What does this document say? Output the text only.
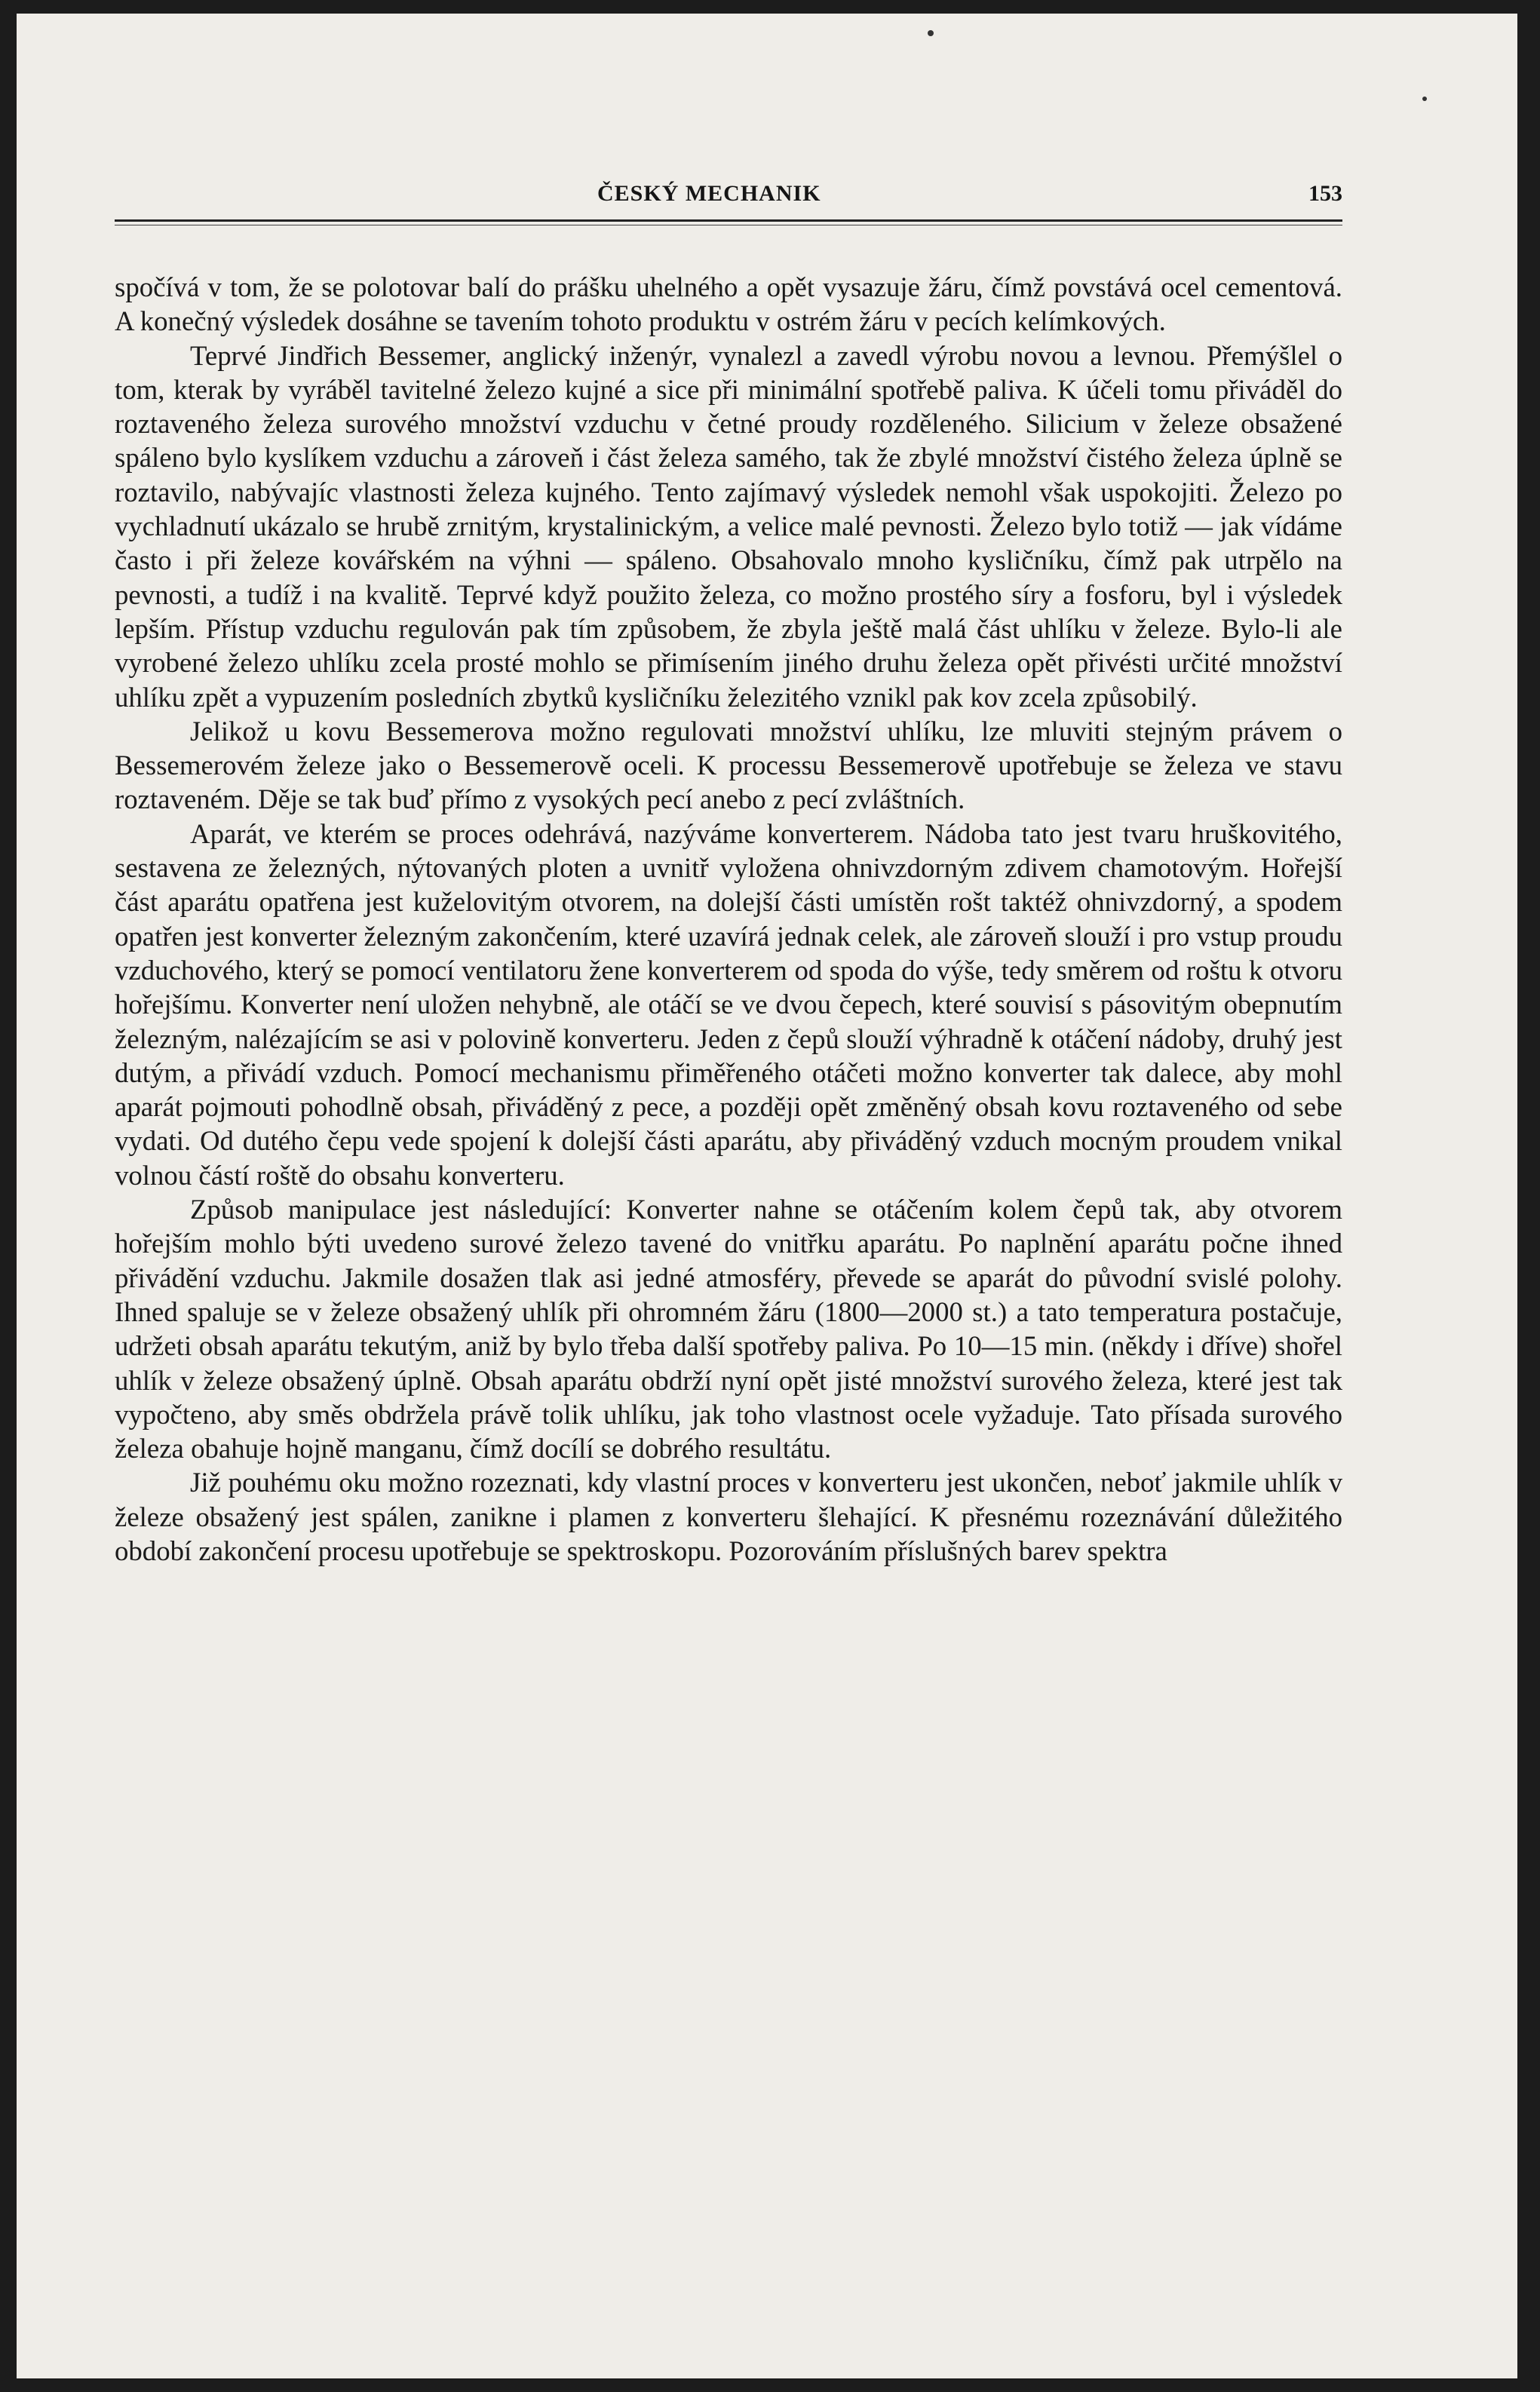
ČESKÝ MECHANIK	153

spočívá v tom, že se polotovar balí do prášku uhelného a opět vysazuje žáru, čímž povstává ocel cementová. A konečný výsledek dosáhne se tavením tohoto produktu v ostrém žáru v pecích kelímkových.

Teprvé Jindřich Bessemer, anglický inženýr, vynalezl a zavedl výrobu novou a levnou. Přemýšlel o tom, kterak by vyráběl tavitelné železo kujné a sice při minimální spotřebě paliva. K účeli tomu přiváděl do roztaveného železa surového množství vzduchu v četné proudy rozděleného. Silicium v železe obsažené spáleno bylo kyslíkem vzduchu a zároveň i část železa samého, tak že zbylé množství čistého železa úplně se roztavilo, nabývajíc vlastnosti železa kujného. Tento zajímavý výsledek nemohl však uspokojiti. Železo po vychladnutí ukázalo se hrubě zrnitým, krystalinickým, a velice malé pevnosti. Železo bylo totiž — jak vídáme často i při železe kovářském na výhni — spáleno. Obsahovalo mnoho kysličníku, čímž pak utrpělo na pevnosti, a tudíž i na kvalitě. Teprvé když použito železa, co možno prostého síry a fosforu, byl i výsledek lepším. Přístup vzduchu regulován pak tím způsobem, že zbyla ještě malá část uhlíku v železe. Bylo-li ale vyrobené železo uhlíku zcela prosté mohlo se přimísením jiného druhu železa opět přivésti určité množství uhlíku zpět a vypuzením posledních zbytků kysličníku železitého vznikl pak kov zcela způsobilý.

Jelikož u kovu Bessemerova možno regulovati množství uhlíku, lze mluviti stejným právem o Bessemerovém železe jako o Bessemerově oceli. K processu Bessemerově upotřebuje se železa ve stavu roztaveném. Děje se tak buď přímo z vysokých pecí anebo z pecí zvláštních.

Aparát, ve kterém se proces odehrává, nazýváme konverterem. Nádoba tato jest tvaru hruškovitého, sestavena ze železných, nýtovaných ploten a uvnitř vyložena ohnivzdorným zdivem chamotovým. Hořejší část aparátu opatřena jest kuželovitým otvorem, na dolejší části umístěn rošt taktéž ohnivzdorný, a spodem opatřen jest konverter železným zakončením, které uzavírá jednak celek, ale zároveň slouží i pro vstup proudu vzduchového, který se pomocí ventilatoru žene konverterem od spoda do výše, tedy směrem od roštu k otvoru hořejšímu. Konverter není uložen nehybně, ale otáčí se ve dvou čepech, které souvisí s pásovitým obepnutím železným, nalézajícím se asi v polovině konverteru. Jeden z čepů slouží výhradně k otáčení nádoby, druhý jest dutým, a přivádí vzduch. Pomocí mechanismu přiměřeného otáčeti možno konverter tak dalece, aby mohl aparát pojmouti pohodlně obsah, přiváděný z pece, a později opět změněný obsah kovu roztaveného od sebe vydati. Od dutého čepu vede spojení k dolejší části aparátu, aby přiváděný vzduch mocným proudem vnikal volnou částí roště do obsahu konverteru.

Způsob manipulace jest následující: Konverter nahne se otáčením kolem čepů tak, aby otvorem hořejším mohlo býti uvedeno surové železo tavené do vnitřku aparátu. Po naplnění aparátu počne ihned přivádění vzduchu. Jakmile dosažen tlak asi jedné atmosféry, převede se aparát do původní svislé polohy. Ihned spaluje se v železe obsažený uhlík při ohromném žáru (1800—2000 st.) a tato temperatura postačuje, udržeti obsah aparátu tekutým, aniž by bylo třeba další spotřeby paliva. Po 10—15 min. (někdy i dříve) shořel uhlík v železe obsažený úplně. Obsah aparátu obdrží nyní opět jisté množství surového železa, které jest tak vypočteno, aby směs obdržela právě tolik uhlíku, jak toho vlastnost ocele vyžaduje. Tato přísada surového železa obahuje hojně manganu, čímž docílí se dobrého resultátu.

Již pouhému oku možno rozeznati, kdy vlastní proces v konverteru jest ukončen, neboť jakmile uhlík v železe obsažený jest spálen, zanikne i plamen z konverteru šlehající. K přesnému rozeznávání důležitého období zakončení procesu upotřebuje se spektroskopu. Pozorováním příslušných barev spektra
